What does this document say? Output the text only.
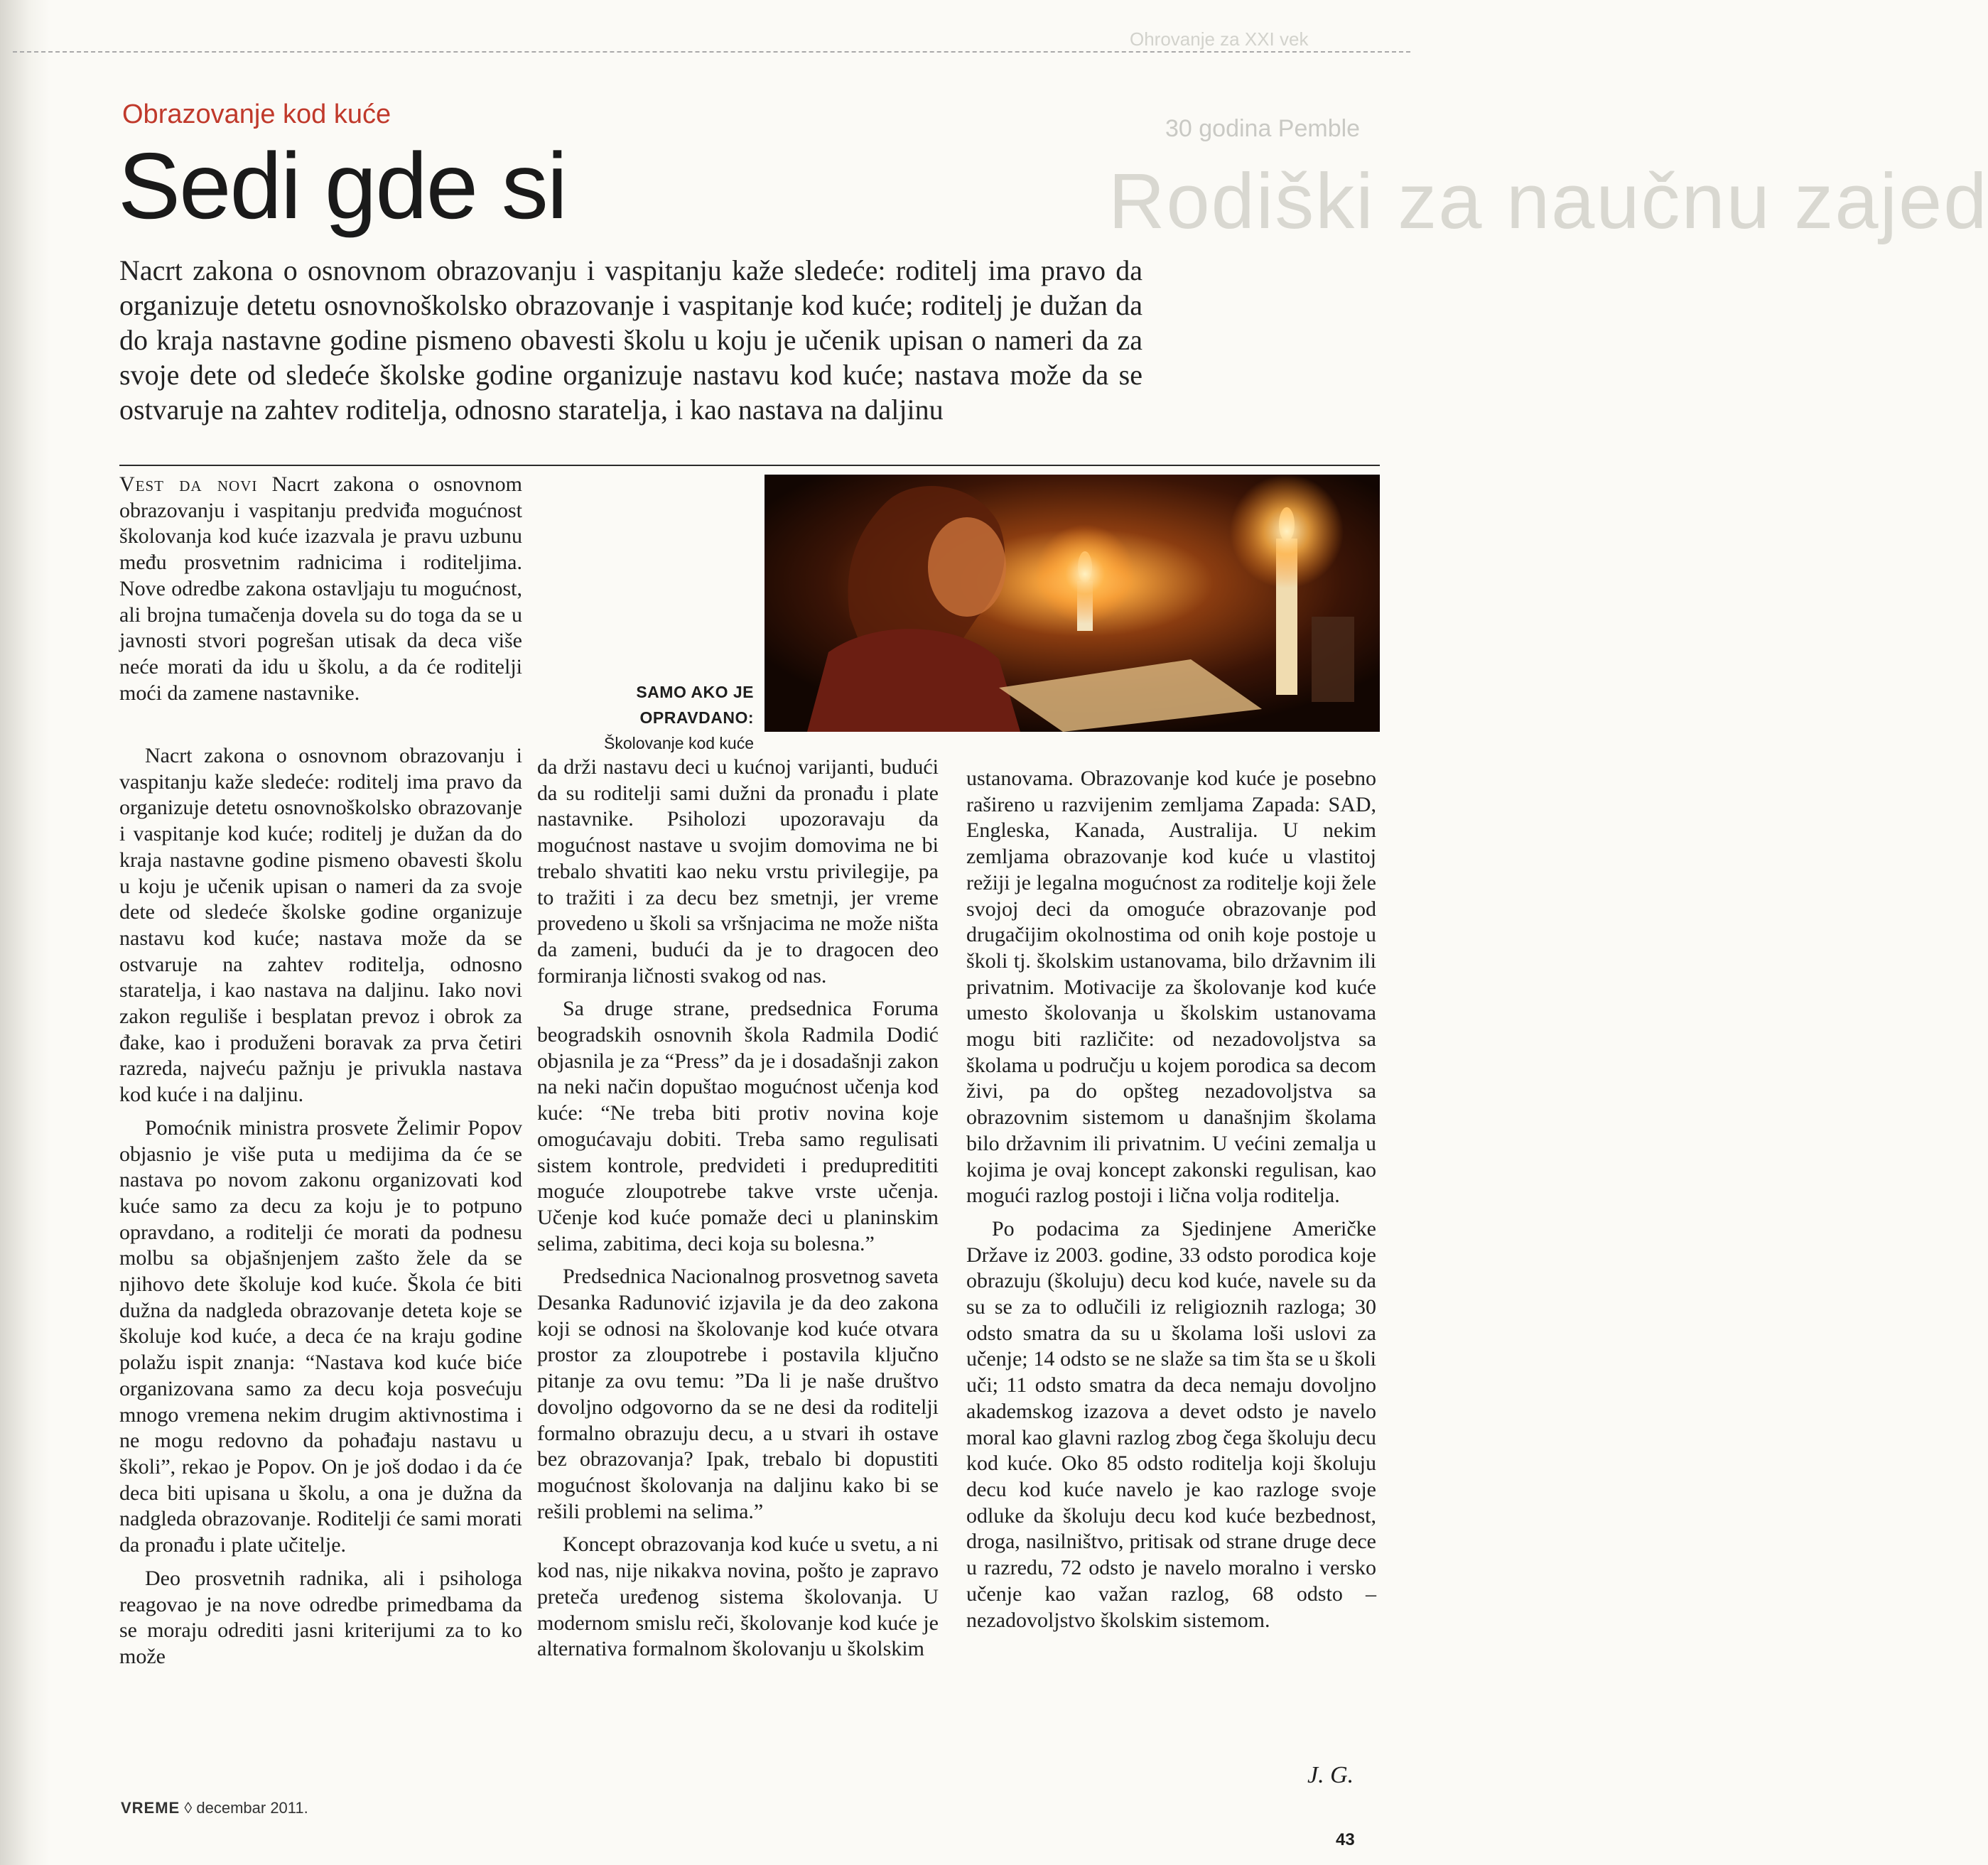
Ohrovanje za XXI vek
30 godina Pemble
Rodiški za naučnu zajed
Obrazovanje kod kuće
Sedi gde si
Nacrt zakona o osnovnom obrazovanju i vaspitanju kaže sledeće: roditelj ima pravo da organizuje detetu osnovnoškolsko obrazovanje i vaspitanje kod kuće; roditelj je dužan da do kraja nastavne godine pismeno obavesti školu u koju je učenik upisan o nameri da za svoje dete od sledeće školske godine organizuje nastavu kod kuće; nastava može da se ostvaruje na zahtev roditelja, odnosno staratelja, i kao nastava na daljinu

Vest da novi Nacrt zakona o osnovnom obrazovanju i vaspitanju predviđa mogućnost školovanja kod kuće izazvala je pravu uzbunu među prosvetnim radnicima i roditeljima. Nove odredbe zakona ostavljaju tu mogućnost, ali brojna tumačenja dovela su do toga da se u javnosti stvori pogrešan utisak da deca više neće morati da idu u školu, a da će roditelji moći da zamene nastavnike.	SAMO AKO JE OPRAVDANO:
Školovanje kod kuće

Nacrt zakona o osnovnom obrazovanju i vaspitanju kaže sledeće: roditelj ima pravo da organizuje detetu osnovnoškolsko obrazovanje i vaspitanje kod kuće; roditelj je dužan da do kraja nastavne godine pismeno obavesti školu u koju je učenik upisan o nameri da za svoje dete od sledeće školske godine organizuje nastavu kod kuće; nastava može da se ostvaruje na zahtev roditelja, odnosno staratelja, i kao nastava na daljinu. Iako novi zakon reguliše i besplatan prevoz i obrok za đake, kao i produženi boravak za prva četiri razreda, najveću pažnju je privukla nastava kod kuće i na daljinu.

Pomoćnik ministra prosvete Želimir Popov objasnio je više puta u medijima da će se nastava po novom zakonu organizovati kod kuće samo za decu za koju je to potpuno opravdano, a roditelji će morati da podnesu molbu sa objašnjenjem zašto žele da se njihovo dete školuje kod kuće. Škola će biti dužna da nadgleda obrazovanje deteta koje se školuje kod kuće, a deca će na kraju godine polažu ispit znanja: “Nastava kod kuće biće organizovana samo za decu koja posvećuju mnogo vremena nekim drugim aktivnostima i ne mogu redovno da pohađaju nastavu u školi”, rekao je Popov. On je još dodao i da će deca biti upisana u školu, a ona je dužna da nadgleda obrazovanje. Roditelji će sami morati da pronađu i plate učitelje.

Deo prosvetnih radnika, ali i psihologa reagovao je na nove odredbe primedbama da se moraju odrediti jasni kriterijumi za to ko može

da drži nastavu deci u kućnoj varijanti, budući da su roditelji sami dužni da pronađu i plate nastavnike. Psiholozi upozoravaju da mogućnost nastave u svojim domovima ne bi trebalo shvatiti kao neku vrstu privilegije, pa to tražiti i za decu bez smetnji, jer vreme provedeno u školi sa vršnjacima ne može ništa da zameni, budući da je to dragocen deo formiranja ličnosti svakog od nas.

Sa druge strane, predsednica Foruma beogradskih osnovnih škola Radmila Dodić objasnila je za “Press” da je i dosadašnji zakon na neki način dopuštao mogućnost učenja kod kuće: “Ne treba biti protiv novina koje omogućavaju dobiti. Treba samo regulisati sistem kontrole, predvideti i predupredititi moguće zloupotrebe takve vrste učenja. Učenje kod kuće pomaže deci u planinskim selima, zabitima, deci koja su bolesna.”

Predsednica Nacionalnog prosvetnog saveta Desanka Radunović izjavila je da deo zakona koji se odnosi na školovanje kod kuće otvara prostor za zloupotrebe i postavila ključno pitanje za ovu temu: ”Da li je naše društvo dovoljno odgovorno da se ne desi da roditelji formalno obrazuju decu, a u stvari ih ostave bez obrazovanja? Ipak, trebalo bi dopustiti mogućnost školovanja na daljinu kako bi se rešili problemi na selima.”

Koncept obrazovanja kod kuće u svetu, a ni kod nas, nije nikakva novina, pošto je zapravo preteča uređenog sistema školovanja. U modernom smislu reči, školovanje kod kuće je alternativa formalnom školovanju u školskim

ustanovama. Obrazovanje kod kuće je posebno rašireno u razvijenim zemljama Zapada: SAD, Engleska, Kanada, Australija. U nekim zemljama obrazovanje kod kuće u vlastitoj režiji je legalna mogućnost za roditelje koji žele svojoj deci da omoguće obrazovanje pod drugačijim okolnostima od onih koje postoje u školi tj. školskim ustanovama, bilo državnim ili privatnim. Motivacije za školovanje kod kuće umesto školovanja u školskim ustanovama mogu biti različite: od nezadovoljstva sa školama u području u kojem porodica sa decom živi, pa do opšteg nezadovoljstva sa obrazovnim sistemom u današnjim školama bilo državnim ili privatnim. U većini zemalja u kojima je ovaj koncept zakonski regulisan, kao mogući razlog postoji i lična volja roditelja.

Po podacima za Sjedinjene Američke Države iz 2003. godine, 33 odsto porodica koje obrazuju (školuju) decu kod kuće, navele su da su se za to odlučili iz religioznih razloga; 30 odsto smatra da su u školama loši uslovi za učenje; 14 odsto se ne slaže sa tim šta se u školi uči; 11 odsto smatra da deca nemaju dovoljno akademskog izazova a devet odsto je navelo moral kao glavni razlog zbog čega školuju decu kod kuće. Oko 85 odsto roditelja koji školuju decu kod kuće navelo je kao razloge svoje odluke da školuju decu kod kuće bezbednost, droga, nasilništvo, pritisak od strane druge dece u razredu, 72 odsto je navelo moralno i versko učenje kao važan razlog, 68 odsto – nezadovoljstvo školskim sistemom.

J. G.
VREME ◊ decembar 2011.
43
